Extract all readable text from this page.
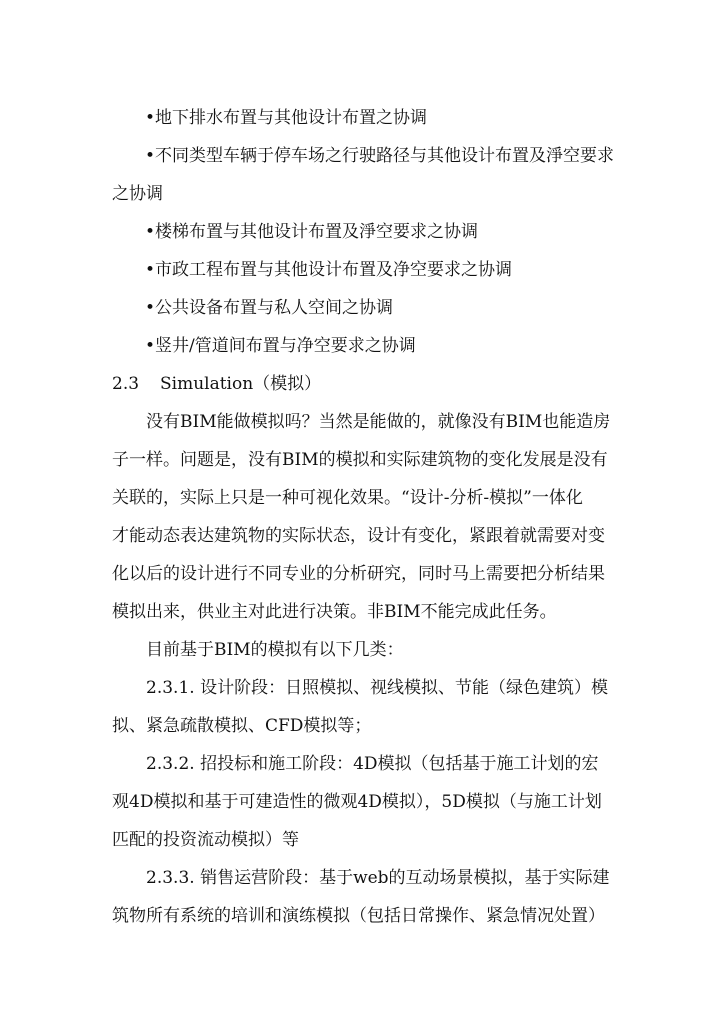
•地下排水布置与其他设计布置之协调
•不同类型车辆于停车场之行驶路径与其他设计布置及淨空要求
之协调
•楼梯布置与其他设计布置及淨空要求之协调
•市政工程布置与其他设计布置及净空要求之协调
•公共设备布置与私人空间之协调
•竖井/管道间布置与净空要求之协调
2.3 Simulation（模拟）
没有BIM能做模拟吗？当然是能做的，就像没有BIM也能造房
子一样。问题是，没有BIM的模拟和实际建筑物的变化发展是没有
关联的，实际上只是一种可视化效果。“设计-分析-模拟”一体化
才能动态表达建筑物的实际状态，设计有变化，紧跟着就需要对变
化以后的设计进行不同专业的分析研究，同时马上需要把分析结果
模拟出来，供业主对此进行决策。非BIM不能完成此任务。
目前基于BIM的模拟有以下几类：
2.3.1. 设计阶段：日照模拟、视线模拟、节能（绿色建筑）模
拟、紧急疏散模拟、CFD模拟等；
2.3.2. 招投标和施工阶段：4D模拟（包括基于施工计划的宏
观4D模拟和基于可建造性的微观4D模拟），5D模拟（与施工计划
匹配的投资流动模拟）等
2.3.3. 销售运营阶段：基于web的互动场景模拟，基于实际建
筑物所有系统的培训和演练模拟（包括日常操作、紧急情况处置）
